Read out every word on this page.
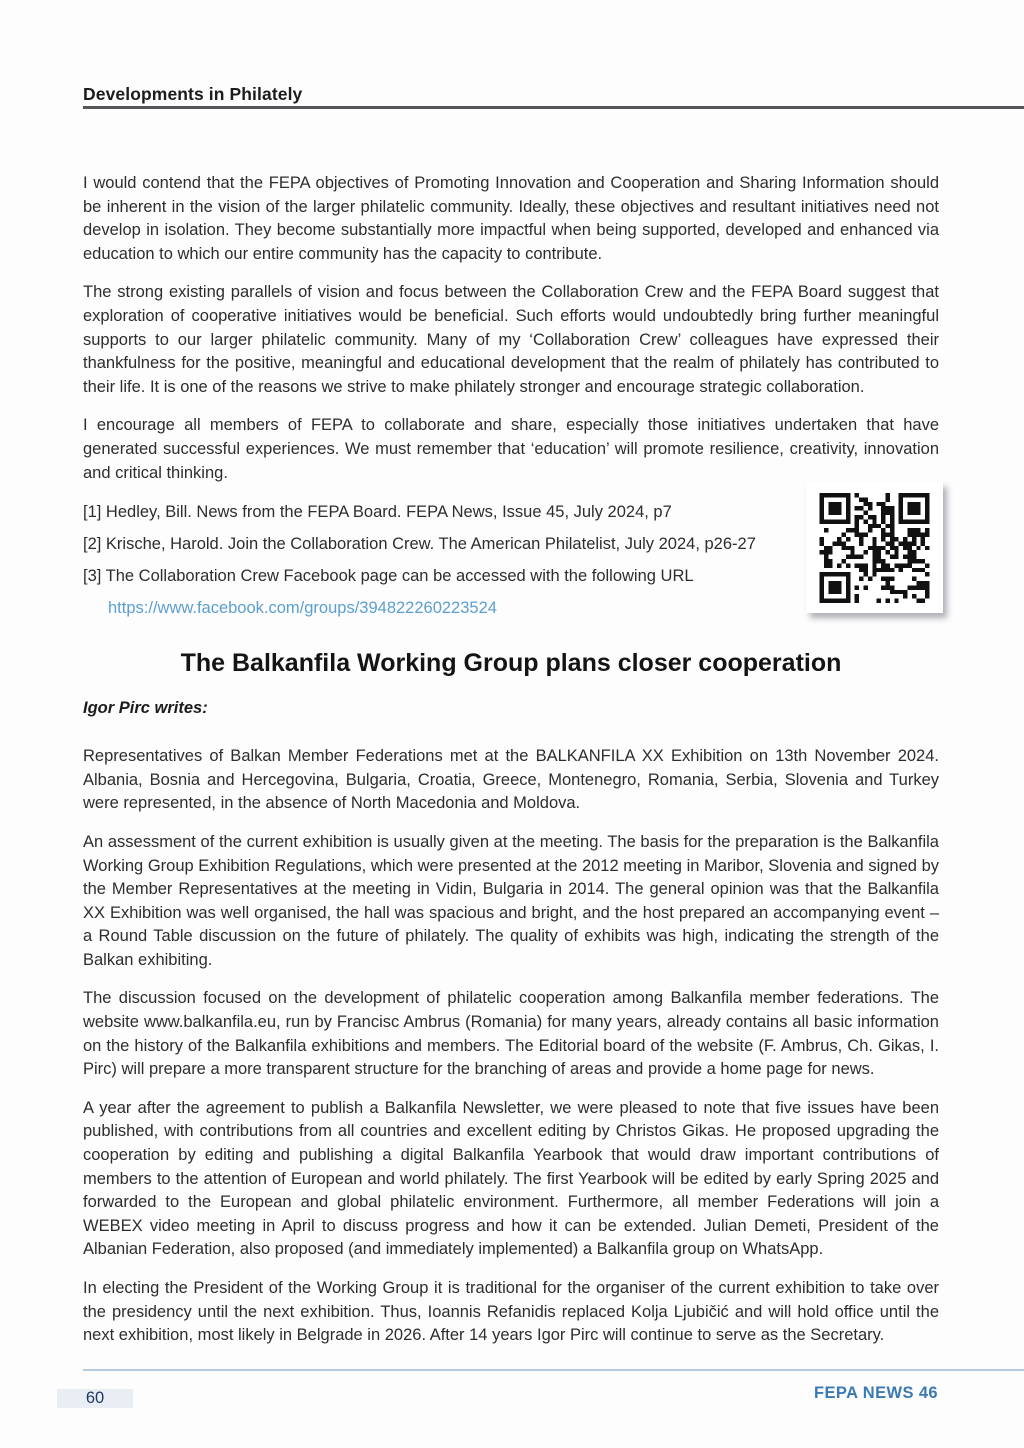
Developments in Philately

I would contend that the FEPA objectives of Promoting Innovation and Cooperation and Sharing Information should be inherent in the vision of the larger philatelic community. Ideally, these objectives and resultant initiatives need not develop in isolation. They become substantially more impactful when being supported, developed and enhanced via education to which our entire community has the capacity to contribute.

The strong existing parallels of vision and focus between the Collaboration Crew and the FEPA Board suggest that exploration of cooperative initiatives would be beneficial. Such efforts would undoubtedly bring further meaningful supports to our larger philatelic community. Many of my ‘Collaboration Crew’ colleagues have expressed their thankfulness for the positive, meaningful and educational development that the realm of philately has contributed to their life. It is one of the reasons we strive to make philately stronger and encourage strategic collaboration.

I encourage all members of FEPA to collaborate and share, especially those initiatives undertaken that have generated successful experiences. We must remember that ‘education’ will promote resilience, creativity, innovation and critical thinking.

[1] Hedley, Bill. News from the FEPA Board. FEPA News, Issue 45, July 2024, p7

[2] Krische, Harold. Join the Collaboration Crew. The American Philatelist, July 2024, p26-27

[3] The Collaboration Crew Facebook page can be accessed with the following URL

https://www.facebook.com/groups/394822260223524

The Balkanfila Working Group plans closer cooperation

Igor Pirc writes:

Representatives of Balkan Member Federations met at the BALKANFILA XX Exhibition on 13th November 2024. Albania, Bosnia and Hercegovina, Bulgaria, Croatia, Greece, Montenegro, Romania, Serbia, Slovenia and Turkey were represented, in the absence of North Macedonia and Moldova.

An assessment of the current exhibition is usually given at the meeting. The basis for the preparation is the Balkanfila Working Group Exhibition Regulations, which were presented at the 2012 meeting in Maribor, Slovenia and signed by the Member Representatives at the meeting in Vidin, Bulgaria in 2014. The general opinion was that the Balkanfila XX Exhibition was well organised, the hall was spacious and bright, and the host prepared an accompanying event – a Round Table discussion on the future of philately. The quality of exhibits was high, indicating the strength of the Balkan exhibiting.

The discussion focused on the development of philatelic cooperation among Balkanfila member federations. The website www.balkanfila.eu, run by Francisc Ambrus (Romania) for many years, already contains all basic information on the history of the Balkanfila exhibitions and members. The Editorial board of the website (F. Ambrus, Ch. Gikas, I. Pirc) will prepare a more transparent structure for the branching of areas and provide a home page for news.

A year after the agreement to publish a Balkanfila Newsletter, we were pleased to note that five issues have been published, with contributions from all countries and excellent editing by Christos Gikas. He proposed upgrading the cooperation by editing and publishing a digital Balkanfila Yearbook that would draw important contributions of members to the attention of European and world philately. The first Yearbook will be edited by early Spring 2025 and forwarded to the European and global philatelic environment. Furthermore, all member Federations will join a WEBEX video meeting in April to discuss progress and how it can be extended. Julian Demeti, President of the Albanian Federation, also proposed (and immediately implemented) a Balkanfila group on WhatsApp.

In electing the President of the Working Group it is traditional for the organiser of the current exhibition to take over the presidency until the next exhibition. Thus, Ioannis Refanidis replaced Kolja Ljubičić and will hold office until the next exhibition, most likely in Belgrade in 2026. After 14 years Igor Pirc will continue to serve as the Secretary.

60	FEPA NEWS 46
